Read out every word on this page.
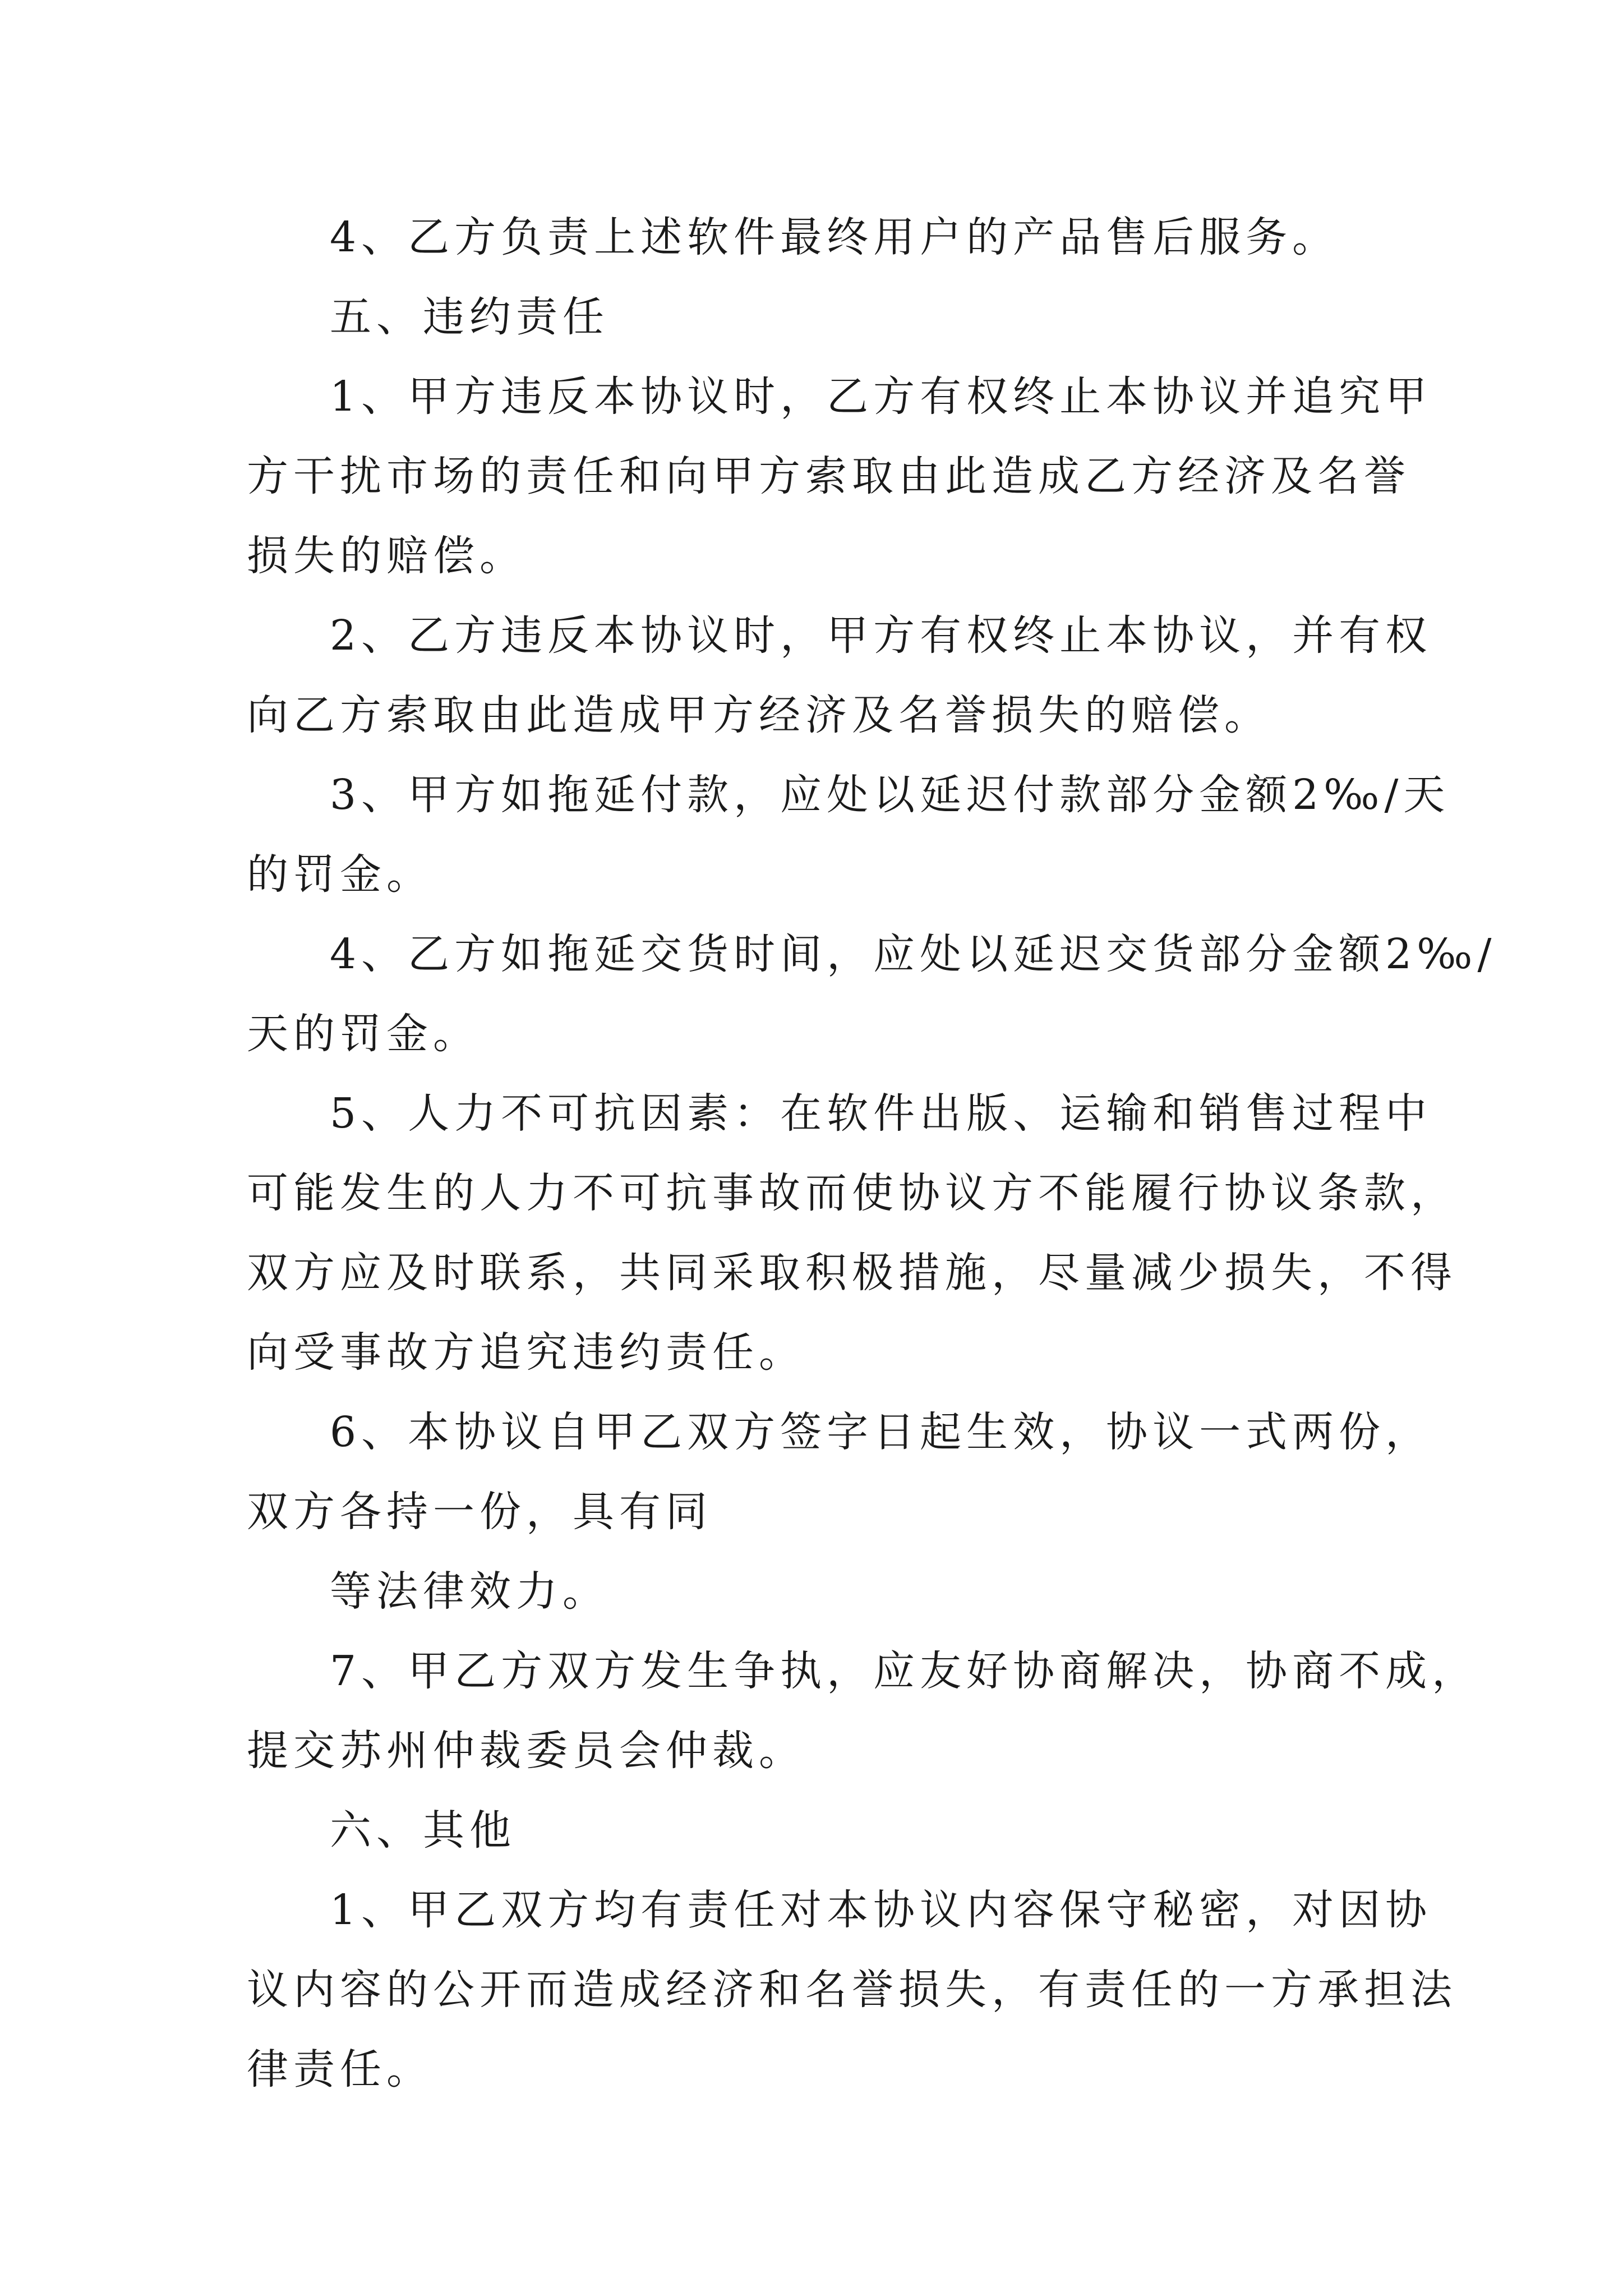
4、乙方负责上述软件最终用户的产品售后服务。
五、违约责任
1、甲方违反本协议时，乙方有权终止本协议并追究甲
方干扰市场的责任和向甲方索取由此造成乙方经济及名誉
损失的赔偿。
2、乙方违反本协议时，甲方有权终止本协议，并有权
向乙方索取由此造成甲方经济及名誉损失的赔偿。
3、甲方如拖延付款，应处以延迟付款部分金额2‰/天
的罚金。
4、乙方如拖延交货时间，应处以延迟交货部分金额2‰/
天的罚金。
5、人力不可抗因素：在软件出版、运输和销售过程中
可能发生的人力不可抗事故而使协议方不能履行协议条款，
双方应及时联系，共同采取积极措施，尽量减少损失，不得
向受事故方追究违约责任。
6、本协议自甲乙双方签字日起生效，协议一式两份，
双方各持一份，具有同
等法律效力。
7、甲乙方双方发生争执，应友好协商解决，协商不成，
提交苏州仲裁委员会仲裁。
六、其他
1、甲乙双方均有责任对本协议内容保守秘密，对因协
议内容的公开而造成经济和名誉损失，有责任的一方承担法
律责任。
